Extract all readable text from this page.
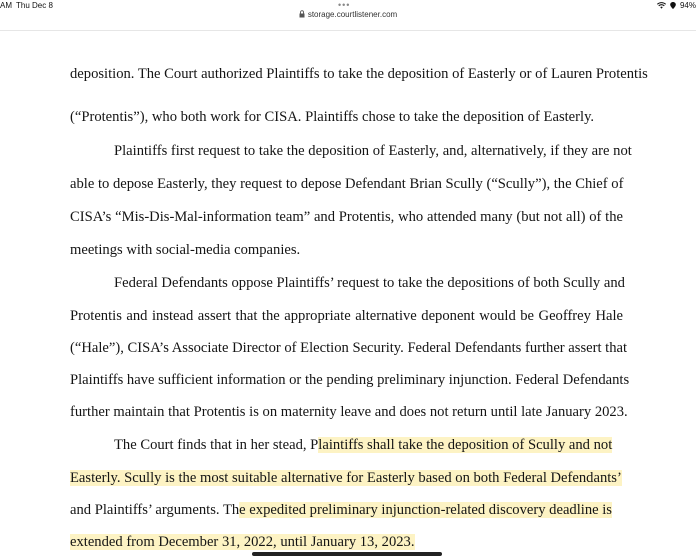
AM Thu Dec 8	94%
•••
storage.courtlistener.com
deposition. The Court authorized Plaintiffs to take the deposition of Easterly or of Lauren Protentis
(“Protentis”), who both work for CISA. Plaintiffs chose to take the deposition of Easterly.
Plaintiffs first request to take the deposition of Easterly, and, alternatively, if they are not
able to depose Easterly, they request to depose Defendant Brian Scully (“Scully”), the Chief of
CISA’s “Mis-Dis-Mal-information team” and Protentis, who attended many (but not all) of the
meetings with social-media companies.
Federal Defendants oppose Plaintiffs’ request to take the depositions of both Scully and
Protentis and instead assert that the appropriate alternative deponent would be Geoffrey Hale
(“Hale”), CISA’s Associate Director of Election Security. Federal Defendants further assert that
Plaintiffs have sufficient information or the pending preliminary injunction. Federal Defendants
further maintain that Protentis is on maternity leave and does not return until late January 2023.
The Court finds that in her stead, Plaintiffs shall take the deposition of Scully and not
Easterly. Scully is the most suitable alternative for Easterly based on both Federal Defendants’
and Plaintiffs’ arguments. The expedited preliminary injunction-related discovery deadline is
extended from December 31, 2022, until January 13, 2023.
